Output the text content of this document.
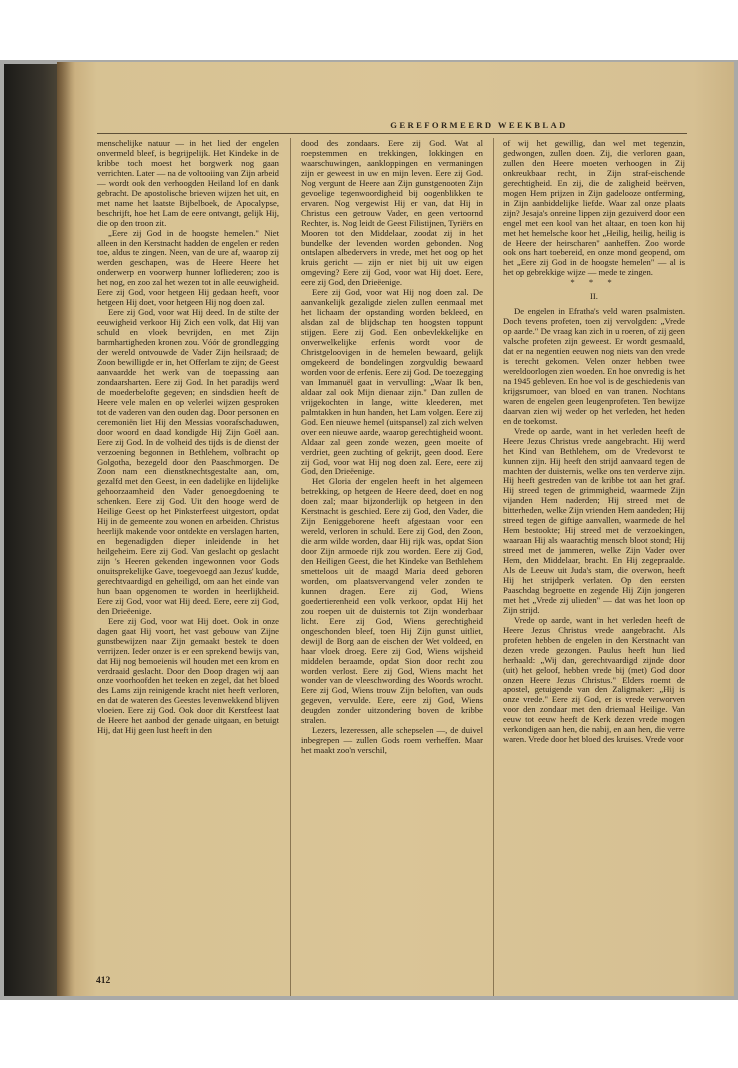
GEREFORMEERD WEEKBLAD

menschelijke natuur — in het lied der engelen onvermeld bleef, is begrijpelijk. Het Kindeke in de kribbe toch moest het borgwerk nog gaan verrichten. Later — na de voltooiing van Zijn arbeid — wordt ook den verhoogden Heiland lof en dank gebracht. De apostolische brieven wijzen het uit, en met name het laatste Bijbelboek, de Apocalypse, beschrijft, hoe het Lam de eere ontvangt, gelijk Hij, die op den troon zit.

„Eere zij God in de hoogste hemelen." Niet alleen in den Kerstnacht hadden de engelen er reden toe, aldus te zingen. Neen, van de ure af, waarop zij werden geschapen, was de Heere Heere het onderwerp en voorwerp hunner lofliederen; zoo is het nog, en zoo zal het wezen tot in alle eeuwigheid. Eere zij God, voor hetgeen Hij gedaan heeft, voor hetgeen Hij doet, voor hetgeen Hij nog doen zal.

Eere zij God, voor wat Hij deed. In de stilte der eeuwigheid verkoor Hij Zich een volk, dat Hij van schuld en vloek bevrijden, en met Zijn barmhartigheden kronen zou. Vóór de grondlegging der wereld ontvouwde de Vader Zijn heilsraad; de Zoon bewilligde er in, het Offerlam te zijn; de Geest aanvaardde het werk van de toepassing aan zondaarsharten. Eere zij God. In het paradijs werd de moederbelofte gegeven; en sindsdien heeft de Heere vele malen en op velerlei wijzen gesproken tot de vaderen van den ouden dag. Door personen en ceremoniën liet Hij den Messias voorafschaduwen, door woord en daad kondigde Hij Zijn Goël aan. Eere zij God. In de volheid des tijds is de dienst der verzoening begonnen in Bethlehem, volbracht op Golgotha, bezegeld door den Paaschmorgen. De Zoon nam een dienstknechtsgestalte aan, om, gezalfd met den Geest, in een dadelijke en lijdelijke gehoorzaamheid den Vader genoegdoening te schenken. Eere zij God. Uit den hooge werd de Heilige Geest op het Pinksterfeest uitgestort, opdat Hij in de gemeente zou wonen en arbeiden. Christus heerlijk makende voor ontdekte en verslagen harten, en begenadigden dieper inleidende in het heilgeheim. Eere zij God. Van geslacht op geslacht zijn 's Heeren gekenden ingewonnen voor Gods onuitsprekelijke Gave, toegevoegd aan Jezus' kudde, gerechtvaardigd en geheiligd, om aan het einde van hun baan opgenomen te worden in heerlijkheid. Eere zij God, voor wat Hij deed. Eere, eere zij God, den Drieëenige.

Eere zij God, voor wat Hij doet. Ook in onze dagen gaat Hij voort, het vast gebouw van Zijne gunstbewijzen naar Zijn gemaakt bestek te doen verrijzen. Ieder onzer is er een sprekend bewijs van, dat Hij nog bemoeienis wil houden met een krom en verdraaid geslacht. Door den Doop dragen wij aan onze voorhoofden het teeken en zegel, dat het bloed des Lams zijn reinigende kracht niet heeft verloren, en dat de wateren des Geestes levenwekkend blijven vloeien. Eere zij God. Ook door dit Kerstfeest laat de Heere het aanbod der genade uitgaan, en betuigt Hij, dat Hij geen lust heeft in den

dood des zondaars. Eere zij God. Wat al roepstemmen en trekkingen, lokkingen en waarschuwingen, aankloppingen en vermaningen zijn er geweest in uw en mijn leven. Eere zij God. Nog vergunt de Heere aan Zijn gunstgenooten Zijn gevoelige tegenwoordigheid bij oogenblikken te ervaren. Nog vergewist Hij er van, dat Hij in Christus een getrouw Vader, en geen vertoornd Rechter, is. Nog leidt de Geest Filistijnen, Tyriërs en Mooren tot den Middelaar, zoodat zij in het bundelke der levenden worden gebonden. Nog ontslapen albedervers in vrede, met het oog op het kruis gericht — zijn er niet bij uit uw eigen omgeving? Eere zij God, voor wat Hij doet. Eere, eere zij God, den Drieëenige.

Eere zij God, voor wat Hij nog doen zal. De aanvankelijk gezaligde zielen zullen eenmaal met het lichaam der opstanding worden bekleed, en alsdan zal de blijdschap ten hoogsten toppunt stijgen. Eere zij God. Een onbevlekkelijke en onverwelkelijke erfenis wordt voor de Christgeloovigen in de hemelen bewaard, gelijk omgekeerd de bondelingen zorgvuldig bewaard worden voor de erfenis. Eere zij God. De toezegging van Immanuël gaat in vervulling: „Waar Ik ben, aldaar zal ook Mijn dienaar zijn." Dan zullen de vrijgekochten in lange, witte kleederen, met palmtakken in hun handen, het Lam volgen. Eere zij God. Een nieuwe hemel (uitspansel) zal zich welven over een nieuwe aarde, waarop gerechtigheid woont. Aldaar zal geen zonde wezen, geen moeite of verdriet, geen zuchting of gekrijt, geen dood. Eere zij God, voor wat Hij nog doen zal. Eere, eere zij God, den Drieëenige.

Het Gloria der engelen heeft in het algemeen betrekking, op hetgeen de Heere deed, doet en nog doen zal; maar bijzonderlijk op hetgeen in den Kerstnacht is geschied. Eere zij God, den Vader, die Zijn Eeniggeborene heeft afgestaan voor een wereld, verloren in schuld. Eere zij God, den Zoon, die arm wilde worden, daar Hij rijk was, opdat Sion door Zijn armoede rijk zou worden. Eere zij God, den Heiligen Geest, die het Kindeke van Bethlehem smetteloos uit de maagd Maria deed geboren worden, om plaatsvervangend veler zonden te kunnen dragen. Eere zij God, Wiens goedertierenheid een volk verkoor, opdat Hij het zou roepen uit de duisternis tot Zijn wonderbaar licht. Eere zij God, Wiens gerechtigheid ongeschonden bleef, toen Hij Zijn gunst uitliet, dewijl de Borg aan de eischen der Wet voldeed, en haar vloek droeg. Eere zij God, Wiens wijsheid middelen beraamde, opdat Sion door recht zou worden verlost. Eere zij God, Wiens macht het wonder van de vleeschwording des Woords wrocht. Eere zij God, Wiens trouw Zijn beloften, van ouds gegeven, vervulde. Eere, eere zij God, Wiens deugden zonder uitzondering boven de kribbe stralen.

Lezers, lezeressen, alle schepselen —, de duivel inbegrepen — zullen Gods roem verheffen. Maar het maakt zoo'n verschil,

of wij het gewillig, dan wel met tegenzin, gedwongen, zullen doen. Zij, die verloren gaan, zullen den Heere moeten verhoogen in Zij onkreukbaar recht, in Zijn straf-eischende gerechtigheid. En zij, die de zaligheid beërven, mogen Hem prijzen in Zijn gadelooze ontferming, in Zijn aanbiddelijke liefde. Waar zal onze plaats zijn? Jesaja's onreine lippen zijn gezuiverd door een engel met een kool van het altaar, en toen kon hij met het hemelsche koor het „Heilig, heilig, heilig is de Heere der heirscharen" aanheffen. Zoo worde ook ons hart toebereid, en onze mond geopend, om het „Eere zij God in de hoogste hemelen" — al is het op gebrekkige wijze — mede te zingen.

* * *

II.

De engelen in Efratha's veld waren psalmisten. Doch tevens profeten, toen zij vervolgden: „Vrede op aarde." De vraag kan zich in u roeren, of zij geen valsche profeten zijn geweest. Er wordt gesmaald, dat er na negentien eeuwen nog niets van den vrede is terecht gekomen. Velen onzer hebben twee wereldoorlogen zien woeden. En hoe onvredig is het na 1945 gebleven. En hoe vol is de geschiedenis van krijgsrumoer, van bloed en van tranen. Nochtans waren de engelen geen leugenprofeten. Ten bewijze daarvan zien wij weder op het verleden, het heden en de toekomst.

Vrede op aarde, want in het verleden heeft de Heere Jezus Christus vrede aangebracht. Hij werd het Kind van Bethlehem, om de Vredevorst te kunnen zijn. Hij heeft den strijd aanvaard tegen de machten der duisternis, welke ons ten verderve zijn. Hij heeft gestreden van de kribbe tot aan het graf. Hij streed tegen de grimmigheid, waarmede Zijn vijanden Hem naderden; Hij streed met de bitterheden, welke Zijn vrienden Hem aandeden; Hij streed tegen de giftige aanvallen, waarmede de hel Hem bestookte; Hij streed met de verzoekingen, waaraan Hij als waarachtig mensch bloot stond; Hij streed met de jammeren, welke Zijn Vader over Hem, den Middelaar, bracht. En Hij zegepraalde. Als de Leeuw uit Juda's stam, die overwon, heeft Hij het strijdperk verlaten. Op den eersten Paaschdag begroette en zegende Hij Zijn jongeren met het „Vrede zij ulieden" — dat was het loon op Zijn strijd.

Vrede op aarde, want in het verleden heeft de Heere Jezus Christus vrede aangebracht. Als profeten hebben de engelen in den Kerstnacht van dezen vrede gezongen. Paulus heeft hun lied herhaald: „Wij dan, gerechtvaardigd zijnde door (uit) het geloof, hebben vrede bij (met) God door onzen Heere Jezus Christus." Elders roemt de apostel, getuigende van den Zaligmaker: „Hij is onze vrede." Eere zij God, er is vrede verworven voor den zondaar met den driemaal Heilige. Van eeuw tot eeuw heeft de Kerk dezen vrede mogen verkondigen aan hen, die nabij, en aan hen, die verre waren. Vrede door het bloed des kruises. Vrede voor

412
